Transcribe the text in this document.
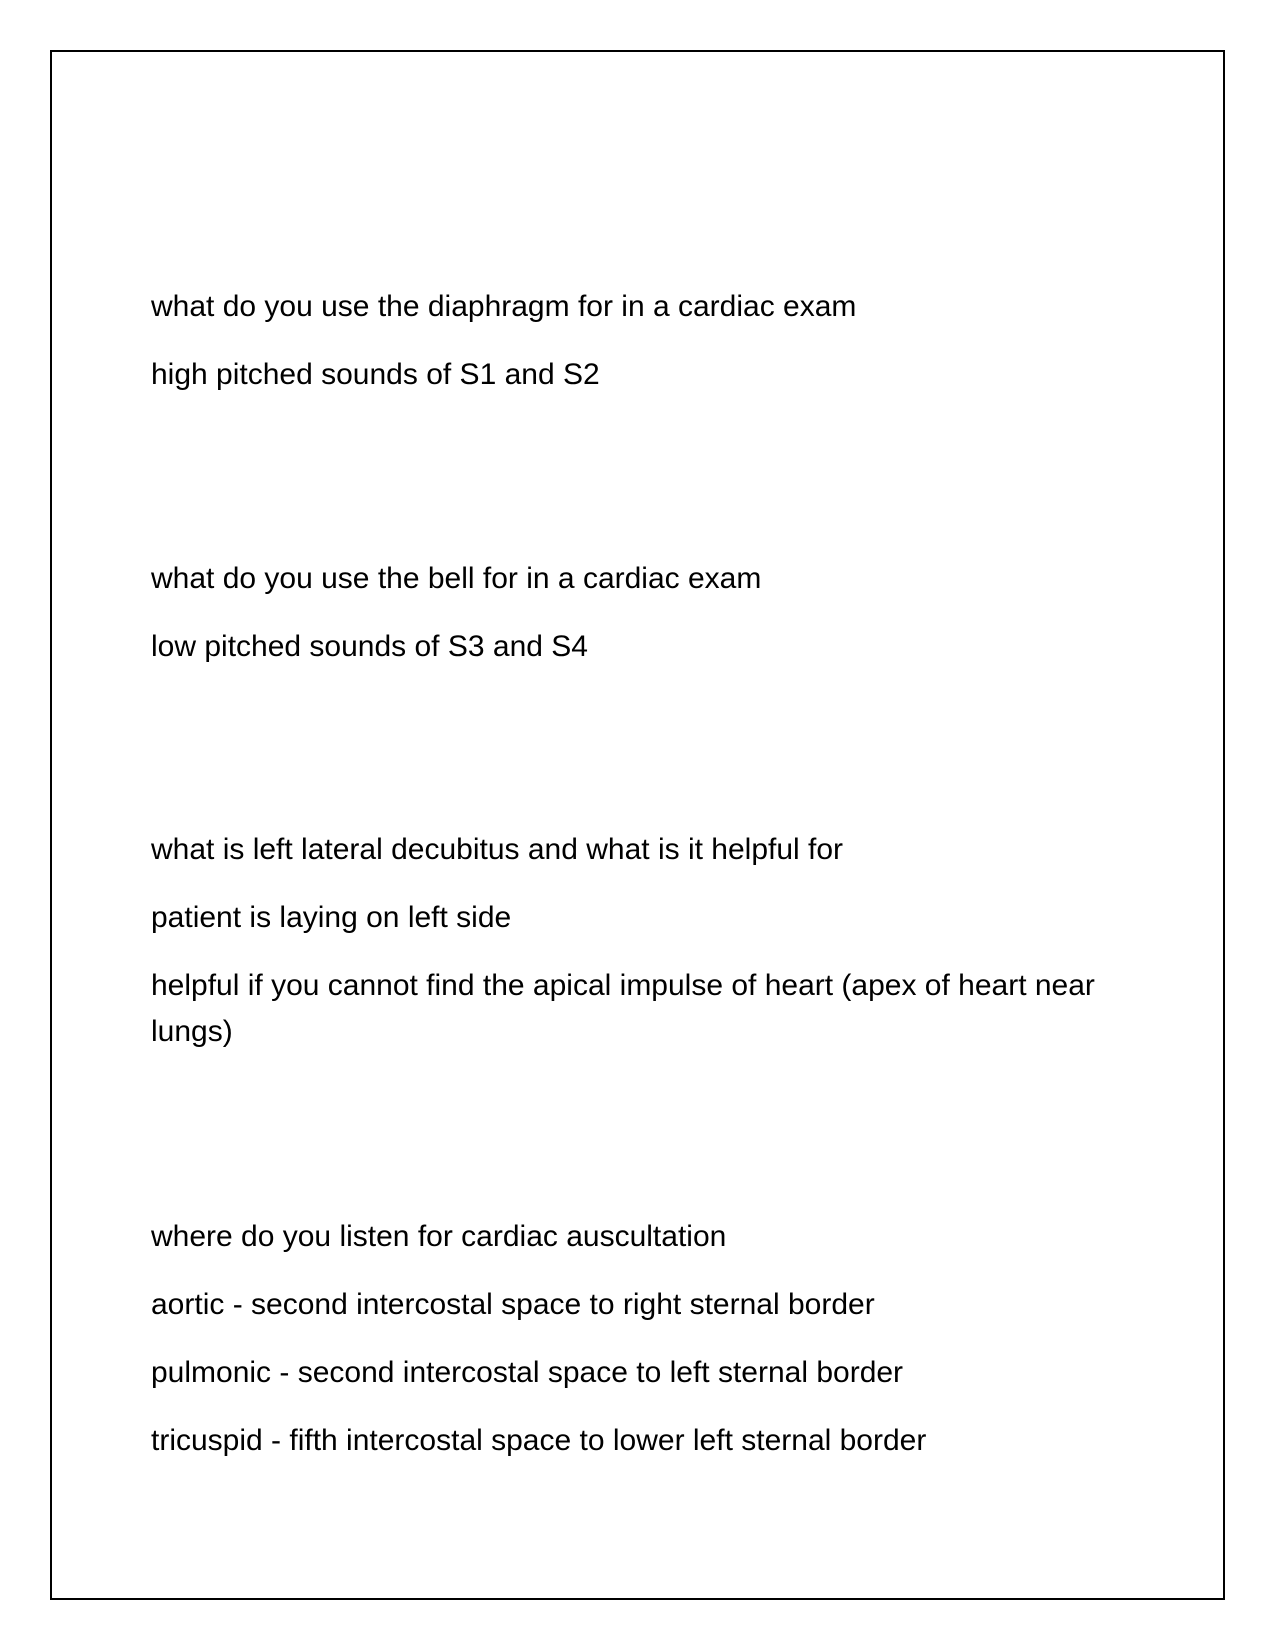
what do you use the diaphragm for in a cardiac exam
high pitched sounds of S1 and S2
what do you use the bell for in a cardiac exam
low pitched sounds of S3 and S4
what is left lateral decubitus and what is it helpful for
patient is laying on left side
helpful if you cannot find the apical impulse of heart (apex of heart near lungs)
where do you listen for cardiac auscultation
aortic - second intercostal space to right sternal border
pulmonic - second intercostal space to left sternal border
tricuspid - fifth intercostal space to lower left sternal border
